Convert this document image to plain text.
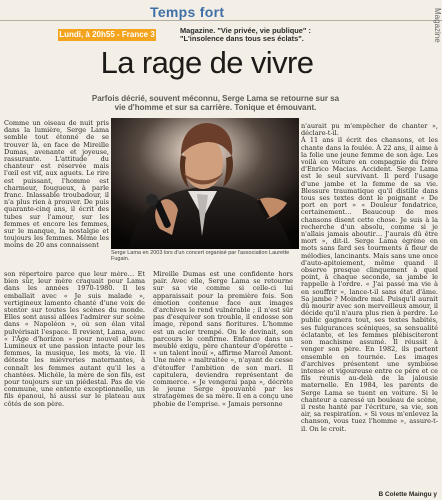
Temps fort	Magazine
Lundi, à 20h55 - France 3	Magazine. "Vie privée, vie publique" : "L'insolence dans tous ses éclats".
La rage de vivre

Parfois décrié, souvent méconnu, Serge Lama se retourne sur sa vie d'homme et sur sa carrière. Tonique et émouvant.

Comme un oiseau de nuit pris dans la lumière, Serge Lama semble tout étonné de se trouver là, en face de Mireille Dumas, avenante et joyeuse, rassurante. L'attitude du chanteur est réservée mais l'œil est vif, aux aguets. Le rire est puissant, l'homme est charmeur, fougueux, à parle franc. Inlassable troubadour, il n'a plus rien à prouver. De puis quarante-cinq ans, il écrit des tubes sur l'amour, sur les femmes et encore les femmes, sur le manque, la nostalgie et toujours les femmes. Même les moins de 20 ans connaissent

Serge Lama en 2003 lors d'un concert organisé par l'association Laurette Fugain.

son répertoire parce que leur mère… Et bien sûr, leur mère craquait pour Lama dans les années 1970-1980. Il les emballait avec « Je suis malade », vertigineux lamento chanté d'une voix de stentor sur toutes les scènes du monde. Elles sont aussi allées l'admirer sur scène dans « Napoléon », où son élan vital pulvérisait l'espace. Il revient, Lama, avec « l'Âge d'horizon » pour nouvel album. Lumineux et une passion intacte pour les femmes, la musique, les mots, la vie. Il déteste les mièvreries maternantes, à connaît les femmes autant qu'il les a chantées. Michèle, la mère de son fils, est pour toujours sur un piédestal. Pas de vie commune, une entente exceptionnelle, un fils épanoui, hi aussi sur le plateau aux côtés de son père.

Mireille Dumas est une confidente hors pair. Avec elle, Serge Lama se retourne sur sa vie comme si celle-ci lui apparaissait pour la première fois. Son émotion contenue face aux images d'archives le rend vulnérable ; il n'est sûr pas d'esquiver son trouble, il endosse son image, répond sans fioritures. L'homme est un acier trempé. On le devinait, son parcours le confirme. Enfance dans un meublé exigu, père chanteur d'opérette – « un talent inouï », affirme Marcel Amont. Une mère « maltraitée », n'ayant de cesse d'étouffer l'ambition de son mari. Il capitulera, deviendra représentant de commerce. « Je vengerai papa », décrète le jeune Serge épouvanté par les stratagèmes de sa mère. Il en a conçu une phobie de l'emprise. « Jamais personne

n'aurait pu m'empêcher de chanter », déclare-t-il.

À 11 ans il écrit des chansons, et les chante dans la foulée. À 22 ans, il aime à la folie une jeune femme de son âge. Les voilà en voiture en compagnie du frère d'Enrico Macias. Accident. Serge Lama est le seul survivant. Il perd l'usage d'une jambe et la femme de sa vie. Blessure traumatique qu'il distille dans tous ses textes dont le poignant « De port en port » « Douleur fondatrice, certainement… Beaucoup de mes chansons disent cette chose. Je suis à la recherche d'un absolu, comme si je n'allais jamais aboutir… J'aurais dû être mort », dit-il. Serge Lama égrène en mots sans fard ses tourments à fleur de mélodies, lancinants. Mais sans une once d'auto-apitoiement, même quand il observe presque clinquement à quel point, à chaque seconde, sa jambe le rappelle à l'ordre. « J'ai passé ma vie à en souffrir », lance-t-il sans état d'âme. Sa jambe ? Moindre mal. Puisqu'il aurait dû mourir avec son merveilleux amour, il décide qu'il n'aura plus rien à perdre. Le public gagnera tout, ses textes habités, ses fulgurances scéniques, sa sensualité éclatante, et les femmes plébisciteront son machisme assumé. Il réussit à venger son père. En 1982, ils partent ensemble en tournée. Les images d'archives présentent une symbiose intense et vigoureuse entre ce père et ce fils réunis au-delà de la jalousie maternelle. En 1984, les parents de Serge Lama se tuent en voiture. Si le chanteur a caressé un bouleau de scène, il reste hanté par l'écriture, sa vie, son air, sa respiration. « Si vous m'enlevez la chanson, vous tuez l'homme », assure-t-il. On le croit.

B Colette Maingu y
